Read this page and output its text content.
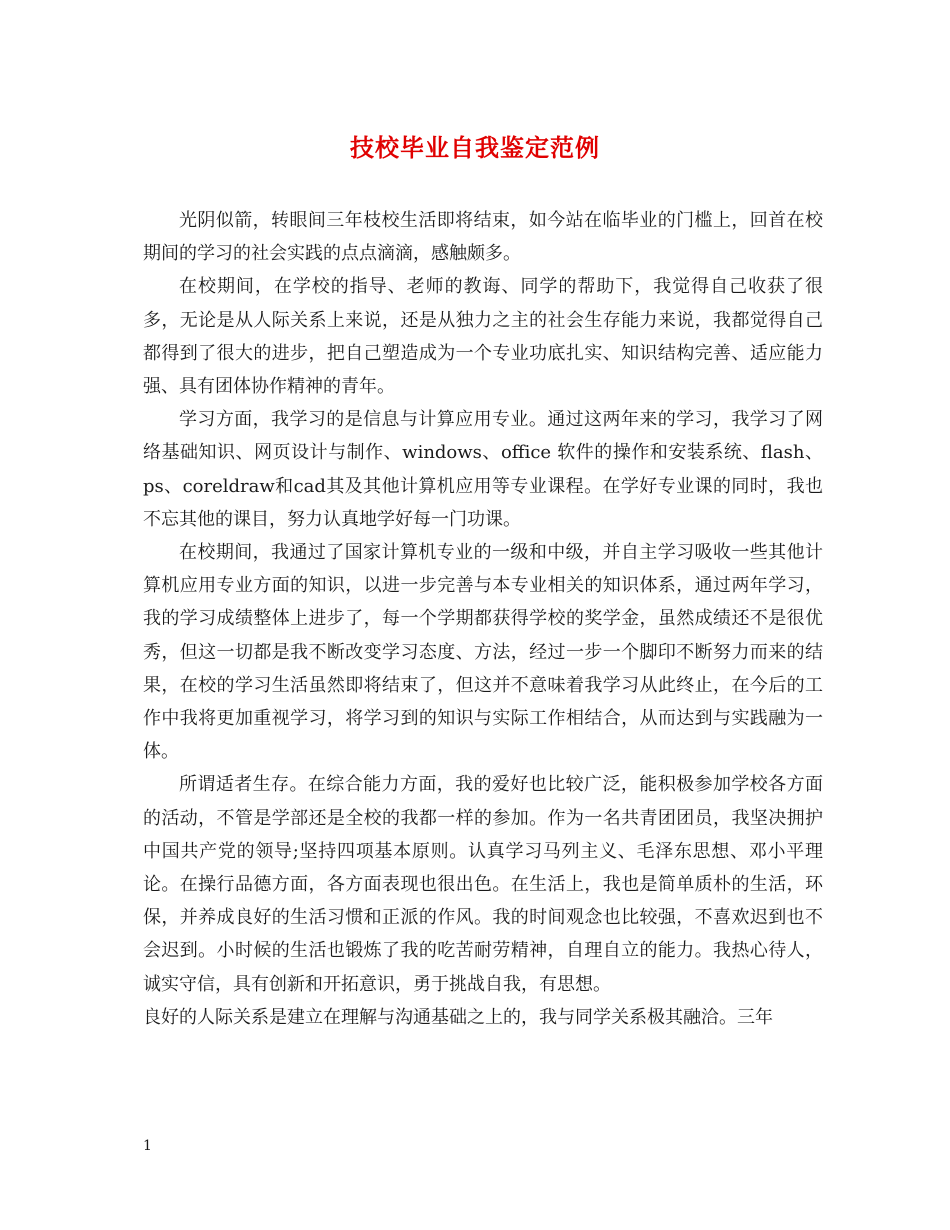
技校毕业自我鉴定范例

光阴似箭，转眼间三年枝校生活即将结束，如今站在临毕业的门槛上，回首在校期间的学习的社会实践的点点滴滴，感触颇多。

在校期间，在学校的指导、老师的教诲、同学的帮助下，我觉得自己收获了很多，无论是从人际关系上来说，还是从独力之主的社会生存能力来说，我都觉得自己都得到了很大的进步，把自己塑造成为一个专业功底扎实、知识结构完善、适应能力强、具有团体协作精神的青年。

学习方面，我学习的是信息与计算应用专业。通过这两年来的学习，我学习了网络基础知识、网页设计与制作、windows、office 软件的操作和安装系统、flash、ps、coreldraw和cad其及其他计算机应用等专业课程。在学好专业课的同时，我也不忘其他的课目，努力认真地学好每一门功课。

在校期间，我通过了国家计算机专业的一级和中级，并自主学习吸收一些其他计算机应用专业方面的知识，以进一步完善与本专业相关的知识体系，通过两年学习，我的学习成绩整体上进步了，每一个学期都获得学校的奖学金，虽然成绩还不是很优秀，但这一切都是我不断改变学习态度、方法，经过一步一个脚印不断努力而来的结果，在校的学习生活虽然即将结束了，但这并不意味着我学习从此终止，在今后的工作中我将更加重视学习，将学习到的知识与实际工作相结合，从而达到与实践融为一体。

所谓适者生存。在综合能力方面，我的爱好也比较广泛，能积极参加学校各方面的活动，不管是学部还是全校的我都一样的参加。作为一名共青团团员，我坚决拥护中国共产党的领导;坚持四项基本原则。认真学习马列主义、毛泽东思想、邓小平理论。在操行品德方面，各方面表现也很出色。在生活上，我也是简单质朴的生活，环保，并养成良好的生活习惯和正派的作风。我的时间观念也比较强，不喜欢迟到也不会迟到。小时候的生活也锻炼了我的吃苦耐劳精神，自理自立的能力。我热心待人，诚实守信，具有创新和开拓意识，勇于挑战自我，有思想。

良好的人际关系是建立在理解与沟通基础之上的，我与同学关系极其融洽。三年

1
